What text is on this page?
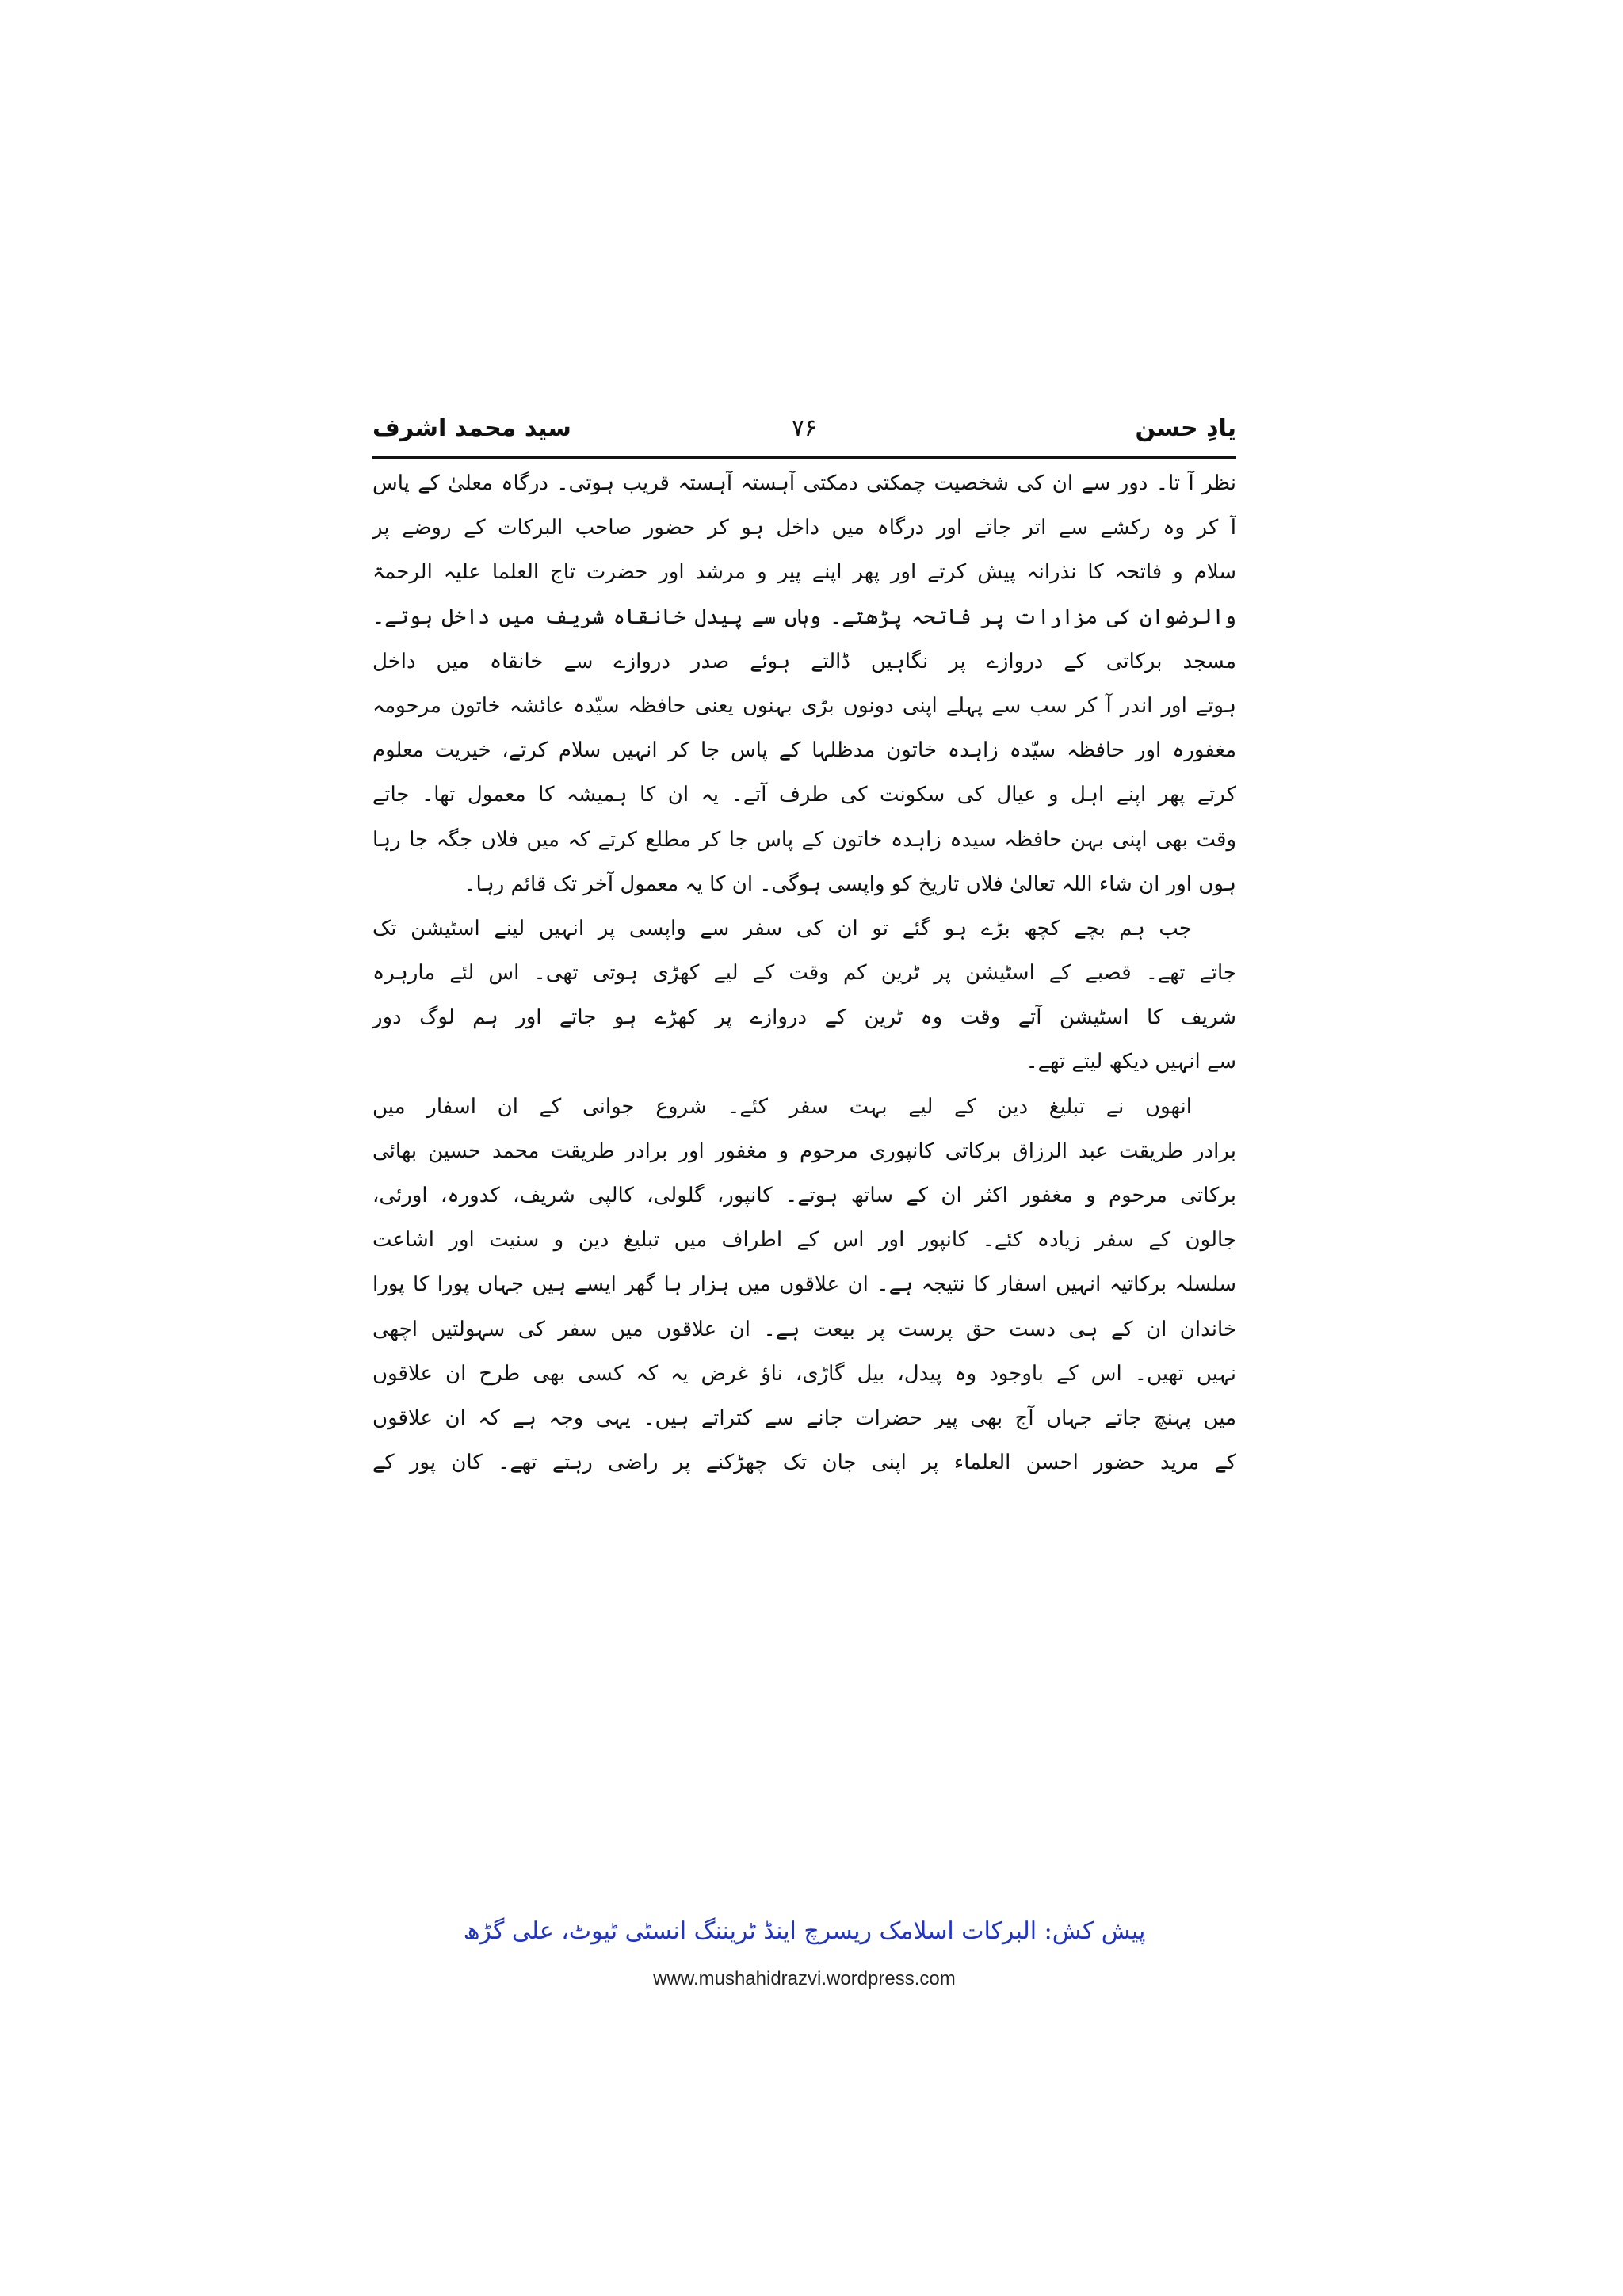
یادِ حسن
۷۶
سید محمد اشرف
نظر آ تا۔ دور سے ان کی شخصیت چمکتی دمکتی آہستہ آہستہ قریب ہوتی۔ درگاہ معلیٰ کے پاس
آ کر وہ رکشے سے اتر جاتے اور درگاہ میں داخل ہو کر حضور صاحب البرکات کے روضے پر
سلام و فاتحہ کا نذرانہ پیش کرتے اور پھر اپنے پیر و مرشد اور حضرت تاج العلما علیہ الرحمۃ
والرضوان کی مزارات پر فاتحہ پڑھتے۔ وہاں سے پیدل خانقاہ شریف میں داخل ہوتے۔
مسجد برکاتی کے دروازے پر نگاہیں ڈالتے ہوئے صدر دروازے سے خانقاہ میں داخل
ہوتے اور اندر آ کر سب سے پہلے اپنی دونوں بڑی بہنوں یعنی حافظہ سیّدہ عائشہ خاتون مرحومہ
مغفورہ اور حافظہ سیّدہ زاہدہ خاتون مدظلہا کے پاس جا کر انہیں سلام کرتے، خیریت معلوم
کرتے پھر اپنے اہل و عیال کی سکونت کی طرف آتے۔ یہ ان کا ہمیشہ کا معمول تھا۔ جاتے
وقت بھی اپنی بہن حافظہ سیدہ زاہدہ خاتون کے پاس جا کر مطلع کرتے کہ میں فلاں جگہ جا رہا
ہوں اور ان شاء اللہ تعالیٰ فلاں تاریخ کو واپسی ہوگی۔ ان کا یہ معمول آخر تک قائم رہا۔
جب ہم بچے کچھ بڑے ہو گئے تو ان کی سفر سے واپسی پر انہیں لینے اسٹیشن تک
جاتے تھے۔ قصبے کے اسٹیشن پر ٹرین کم وقت کے لیے کھڑی ہوتی تھی۔ اس لئے مارہرہ
شریف کا اسٹیشن آتے وقت وہ ٹرین کے دروازے پر کھڑے ہو جاتے اور ہم لوگ دور
سے انہیں دیکھ لیتے تھے۔
انھوں نے تبلیغ دین کے لیے بہت سفر کئے۔ شروع جوانی کے ان اسفار میں
برادر طریقت عبد الرزاق برکاتی کانپوری مرحوم و مغفور اور برادر طریقت محمد حسین بھائی
برکاتی مرحوم و مغفور اکثر ان کے ساتھ ہوتے۔ کانپور، گلولی، کالپی شریف، کدورہ، اورئی،
جالون کے سفر زیادہ کئے۔ کانپور اور اس کے اطراف میں تبلیغ دین و سنیت اور اشاعت
سلسلہ برکاتیہ انہیں اسفار کا نتیجہ ہے۔ ان علاقوں میں ہزار ہا گھر ایسے ہیں جہاں پورا کا پورا
خاندان ان کے ہی دست حق پرست پر بیعت ہے۔ ان علاقوں میں سفر کی سہولتیں اچھی
نہیں تھیں۔ اس کے باوجود وہ پیدل، بیل گاڑی، ناؤ غرض یہ کہ کسی بھی طرح ان علاقوں
میں پہنچ جاتے جہاں آج بھی پیر حضرات جانے سے کتراتے ہیں۔ یہی وجہ ہے کہ ان علاقوں
کے مرید حضور احسن العلماء پر اپنی جان تک چھڑکنے پر راضی رہتے تھے۔ کان پور کے
پیش کش: البرکات اسلامک ریسرچ اینڈ ٹریننگ انسٹی ٹیوٹ، علی گڑھ
www.mushahidrazvi.wordpress.com
